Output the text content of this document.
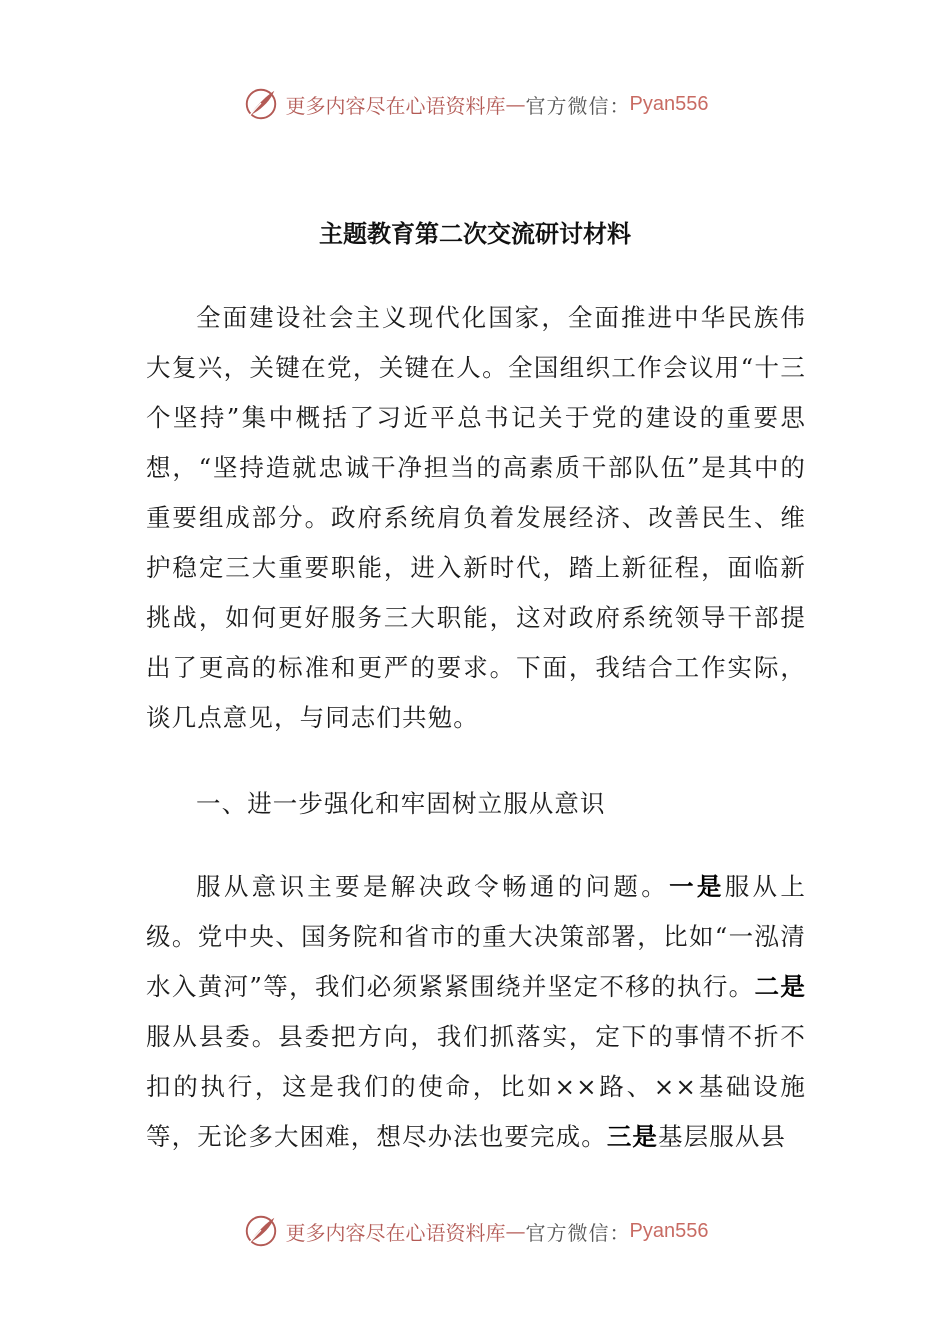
更多内容尽在心语资料库 — 官方微信 ： Pyan556
主题教育第二次交流研讨材料

全面建设社会主义现代化国家，全面推进中华民族伟大复兴，关键在党，关键在人。全国组织工作会议用“十三个坚持”集中概括了习近平总书记关于党的建设的重要思想，“坚持造就忠诚干净担当的高素质干部队伍”是其中的重要组成部分。政府系统肩负着发展经济、改善民生、维护稳定三大重要职能，进入新时代，踏上新征程，面临新挑战，如何更好服务三大职能，这对政府系统领导干部提出了更高的标准和更严的要求。下面，我结合工作实际，谈几点意见，与同志们共勉。

一、进一步强化和牢固树立服从意识

服从意识主要是解决政令畅通的问题。一是服从上级。党中央、国务院和省市的重大决策部署，比如“一泓清水入黄河”等，我们必须紧紧围绕并坚定不移的执行。二是服从县委。县委把方向，我们抓落实，定下的事情不折不扣的执行，这是我们的使命，比如××路、××基础设施等，无论多大困难，想尽办法也要完成。三是基层服从县

更多内容尽在心语资料库 — 官方微信 ： Pyan556
